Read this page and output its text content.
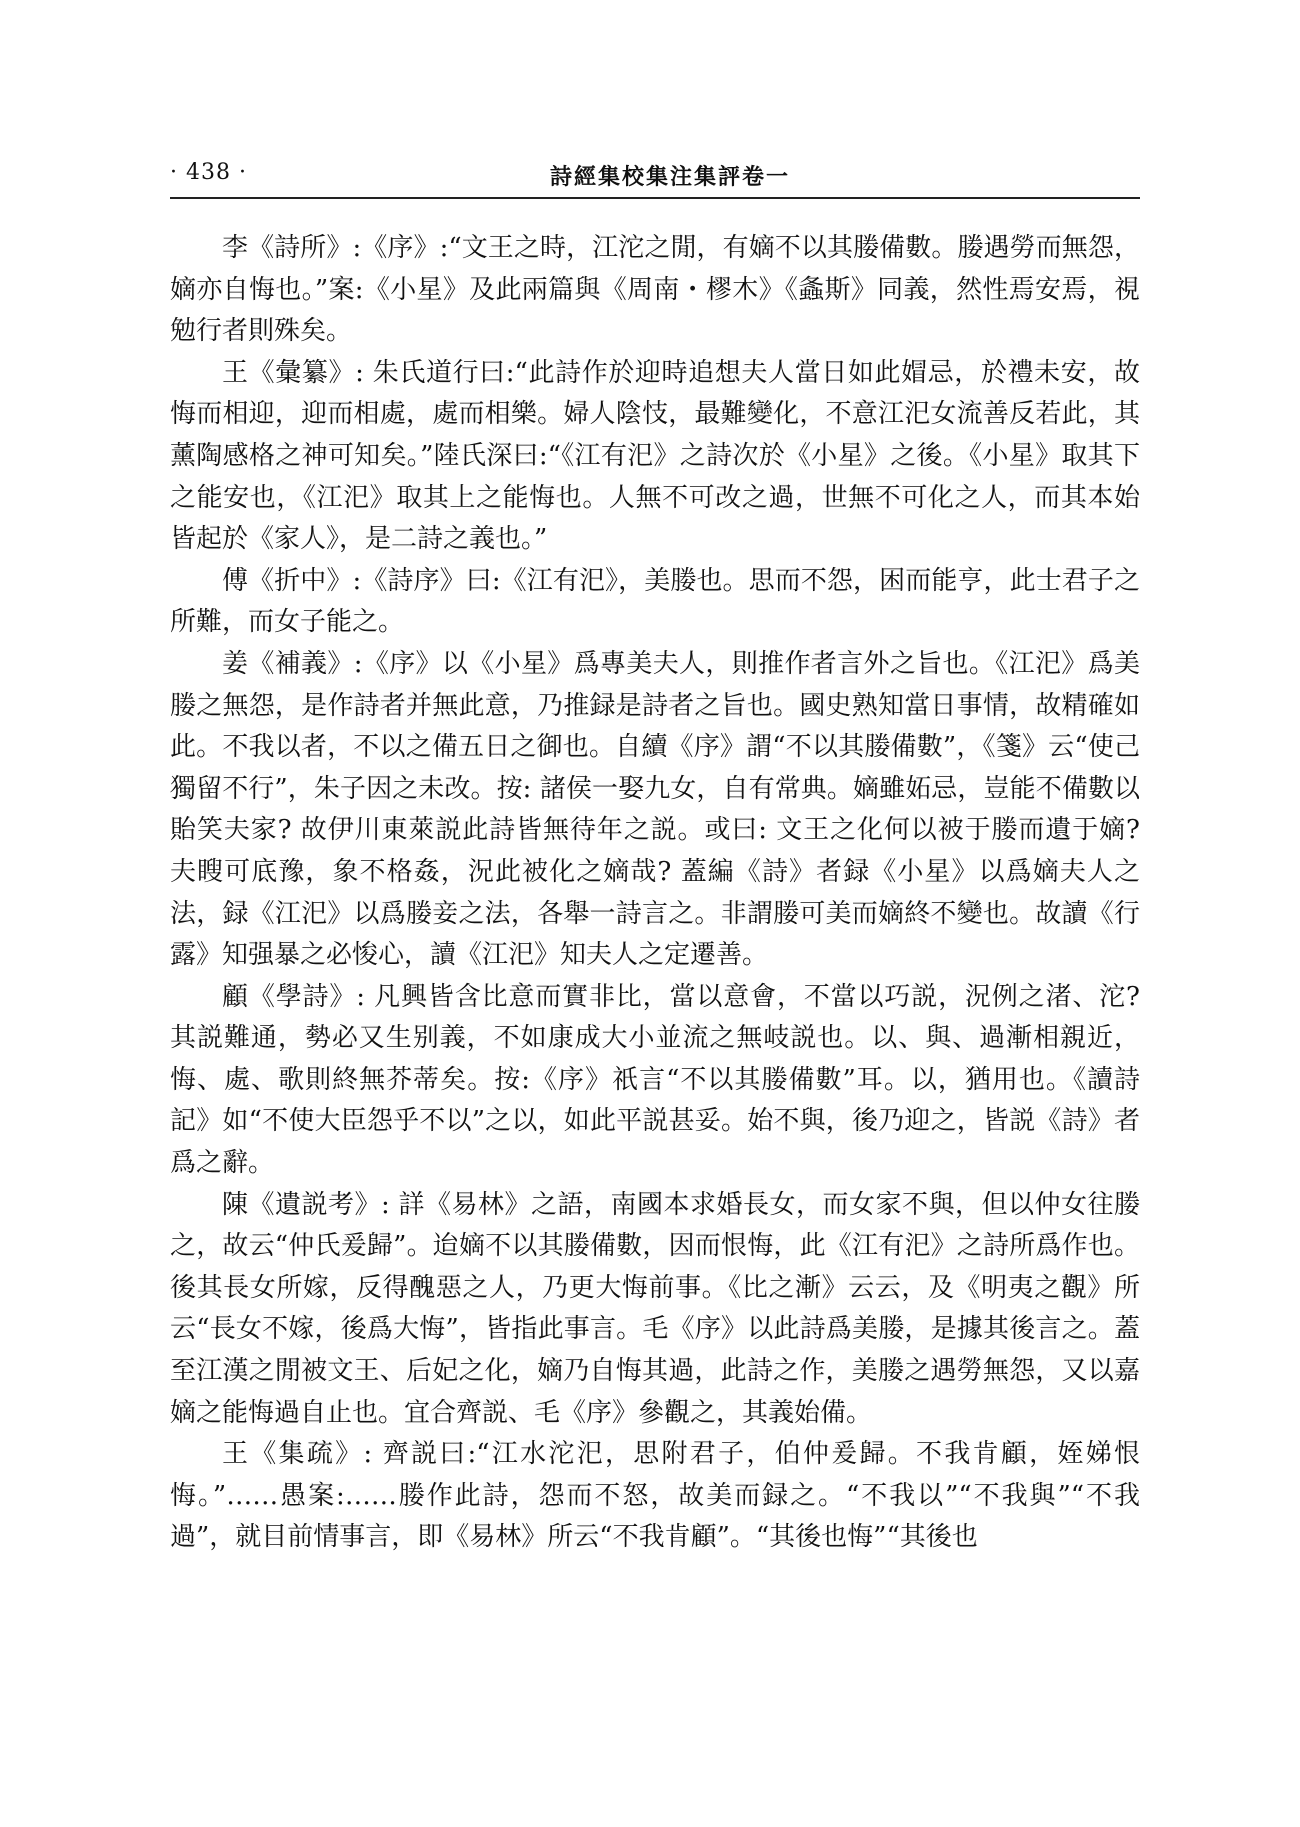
· 438 ·	詩經集校集注集評卷一

李《詩所》:《序》:“文王之時，江沱之閒，有嫡不以其媵備數。媵遇勞而無怨，嫡亦自悔也。”案:《小星》及此兩篇與《周南・樛木》《螽斯》同義，然性焉安焉，視勉行者則殊矣。

王《彙纂》: 朱氏道行曰:“此詩作於迎時追想夫人當日如此媢忌，於禮未安，故悔而相迎，迎而相處，處而相樂。婦人陰忮，最難變化，不意江汜女流善反若此，其薰陶感格之神可知矣。”陸氏深曰:“《江有汜》之詩次於《小星》之後。《小星》取其下之能安也，《江汜》取其上之能悔也。人無不可改之過，世無不可化之人，而其本始皆起於《家人》，是二詩之義也。”

傅《折中》:《詩序》曰:《江有汜》，美媵也。思而不怨，困而能亨，此士君子之所難，而女子能之。

姜《補義》:《序》以《小星》爲專美夫人，則推作者言外之旨也。《江汜》爲美媵之無怨，是作詩者并無此意，乃推録是詩者之旨也。國史熟知當日事情，故精確如此。不我以者，不以之備五日之御也。自續《序》謂“不以其媵備數”，《箋》云“使己獨留不行”，朱子因之未改。按: 諸侯一娶九女，自有常典。嫡雖妬忌，豈能不備數以貽笑夫家? 故伊川東萊説此詩皆無待年之説。或曰: 文王之化何以被于媵而遺于嫡? 夫瞍可底豫，象不格姦，況此被化之嫡哉? 蓋編《詩》者録《小星》以爲嫡夫人之法，録《江汜》以爲媵妾之法，各舉一詩言之。非謂媵可美而嫡終不變也。故讀《行露》知强暴之必悛心，讀《江汜》知夫人之定遷善。

顧《學詩》: 凡興皆含比意而實非比，當以意會，不當以巧説，況例之渚、沱? 其説難通，勢必又生别義，不如康成大小並流之無岐説也。以、與、過漸相親近，悔、處、歌則終無芥蒂矣。按:《序》祇言“不以其媵備數”耳。以，猶用也。《讀詩記》如“不使大臣怨乎不以”之以，如此平説甚妥。始不與，後乃迎之，皆説《詩》者爲之辭。

陳《遺説考》: 詳《易林》之語，南國本求婚長女，而女家不與，但以仲女往媵之，故云“仲氏爰歸”。迨嫡不以其媵備數，因而恨悔，此《江有汜》之詩所爲作也。後其長女所嫁，反得醜惡之人，乃更大悔前事。《比之漸》云云，及《明夷之觀》所云“長女不嫁，後爲大悔”，皆指此事言。毛《序》以此詩爲美媵，是據其後言之。蓋至江漢之閒被文王、后妃之化，嫡乃自悔其過，此詩之作，美媵之遇勞無怨，又以嘉嫡之能悔過自止也。宜合齊説、毛《序》參觀之，其義始備。

王《集疏》: 齊説曰:“江水沱汜，思附君子，伯仲爰歸。不我肯顧，姪娣恨悔。”……愚案:……媵作此詩，怨而不怒，故美而録之。“不我以”“不我與”“不我過”，就目前情事言，即《易林》所云“不我肯顧”。“其後也悔”“其後也
